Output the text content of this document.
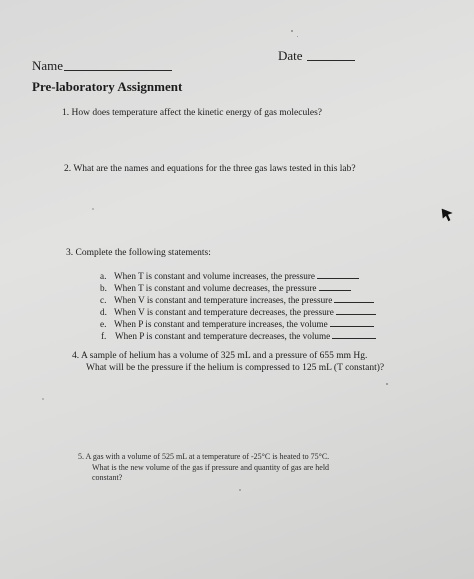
Name
Date
Pre-laboratory Assignment
1. How does temperature affect the kinetic energy of gas molecules?
2. What are the names and equations for the three gas laws tested in this lab?
3. Complete the following statements:
a. When T is constant and volume increases, the pressure
b. When T is constant and volume decreases, the pressure
c. When V is constant and temperature increases, the pressure
d. When V is constant and temperature decreases, the pressure
e. When P is constant and temperature increases, the volume
f. When P is constant and temperature decreases, the volume
4. A sample of helium has a volume of 325 mL and a pressure of 655 mm Hg.
What will be the pressure if the helium is compressed to 125 mL (T constant)?
5. A gas with a volume of 525 mL at a temperature of -25°C is heated to 75°C.
What is the new volume of the gas if pressure and quantity of gas are held
constant?
